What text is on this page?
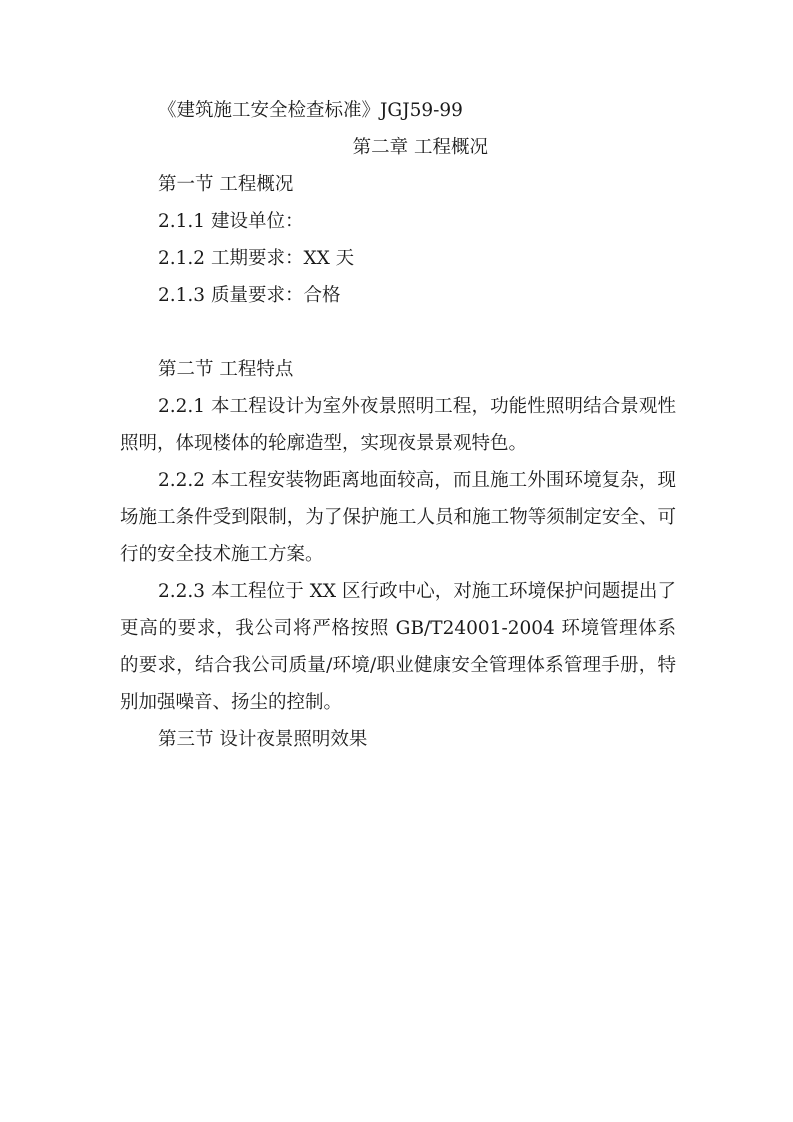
《建筑施工安全检查标准》JGJ59-99
第二章 工程概况
第一节 工程概况
2.1.1 建设单位：
2.1.2 工期要求：XX 天
2.1.3 质量要求：合格
第二节 工程特点
2.2.1 本工程设计为室外夜景照明工程，功能性照明结合景观性照明，体现楼体的轮廓造型，实现夜景景观特色。
2.2.2 本工程安装物距离地面较高，而且施工外围环境复杂，现场施工条件受到限制，为了保护施工人员和施工物等须制定安全、可行的安全技术施工方案。
2.2.3 本工程位于 XX 区行政中心，对施工环境保护问题提出了更高的要求，我公司将严格按照 GB/T24001-2004 环境管理体系的要求，结合我公司质量/环境/职业健康安全管理体系管理手册，特别加强噪音、扬尘的控制。
第三节 设计夜景照明效果
